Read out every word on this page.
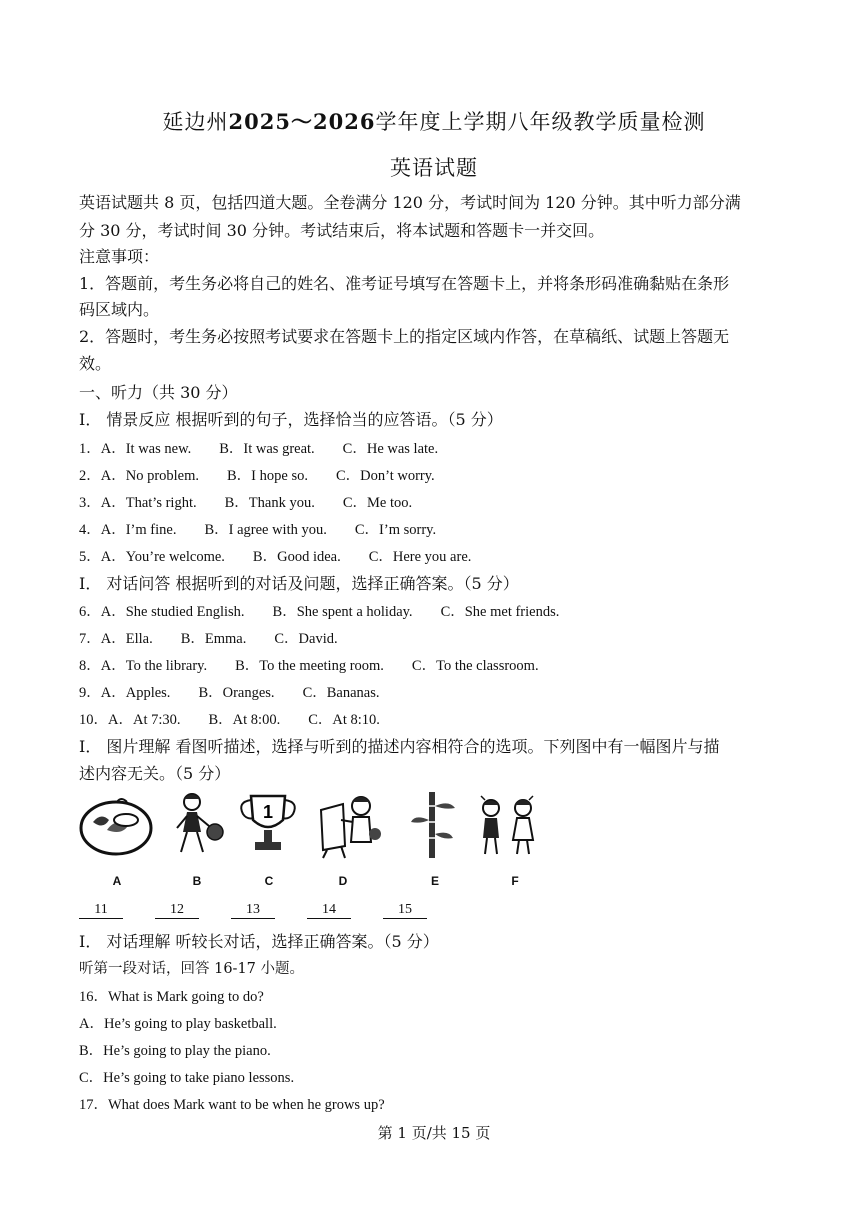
延边州2025～2026学年度上学期八年级教学质量检测
英语试题
英语试题共 8 页，包括四道大题。全卷满分 120 分，考试时间为 120 分钟。其中听力部分满
分 30 分，考试时间 30 分钟。考试结束后，将本试题和答题卡一并交回。
注意事项：
1．答题前，考生务必将自己的姓名、准考证号填写在答题卡上，并将条形码准确黏贴在条形
码区域内。
2．答题时，考生务必按照考试要求在答题卡上的指定区域内作答，在草稿纸、试题上答题无
效。
一、听力（共 30 分）
Ⅰ． 情景反应 根据听到的句子，选择恰当的应答语。（5 分）
1．A．It was new. B．It was great. C．He was late.
2．A．No problem. B．I hope so. C．Don’t worry.
3．A．That’s right. B．Thank you. C．Me too.
4．A．I’m fine. B．I agree with you. C．I’m sorry.
5．A．You’re welcome. B．Good idea. C．Here you are.
Ⅰ． 对话问答 根据听到的对话及问题，选择正确答案。（5 分）
6．A．She studied English. B．She spent a holiday. C．She met friends.
7．A．Ella. B．Emma. C．David.
8．A．To the library. B．To the meeting room. C．To the classroom.
9．A．Apples. B．Oranges. C．Bananas.
10．A．At 7:30. B．At 8:00. C．At 8:10.
Ⅰ． 图片理解 看图听描述，选择与听到的描述内容相符合的选项。下列图中有一幅图片与描
述内容无关。（5 分）
A	B
1
C	D	E	F
11	12	13	14	15
Ⅰ． 对话理解 听较长对话，选择正确答案。（5 分）
听第一段对话，回答 16-17 小题。
16．What is Mark going to do?
A．He’s going to play basketball.
B．He’s going to play the piano.
C．He’s going to take piano lessons.
17．What does Mark want to be when he grows up?
第 1 页/共 15 页
